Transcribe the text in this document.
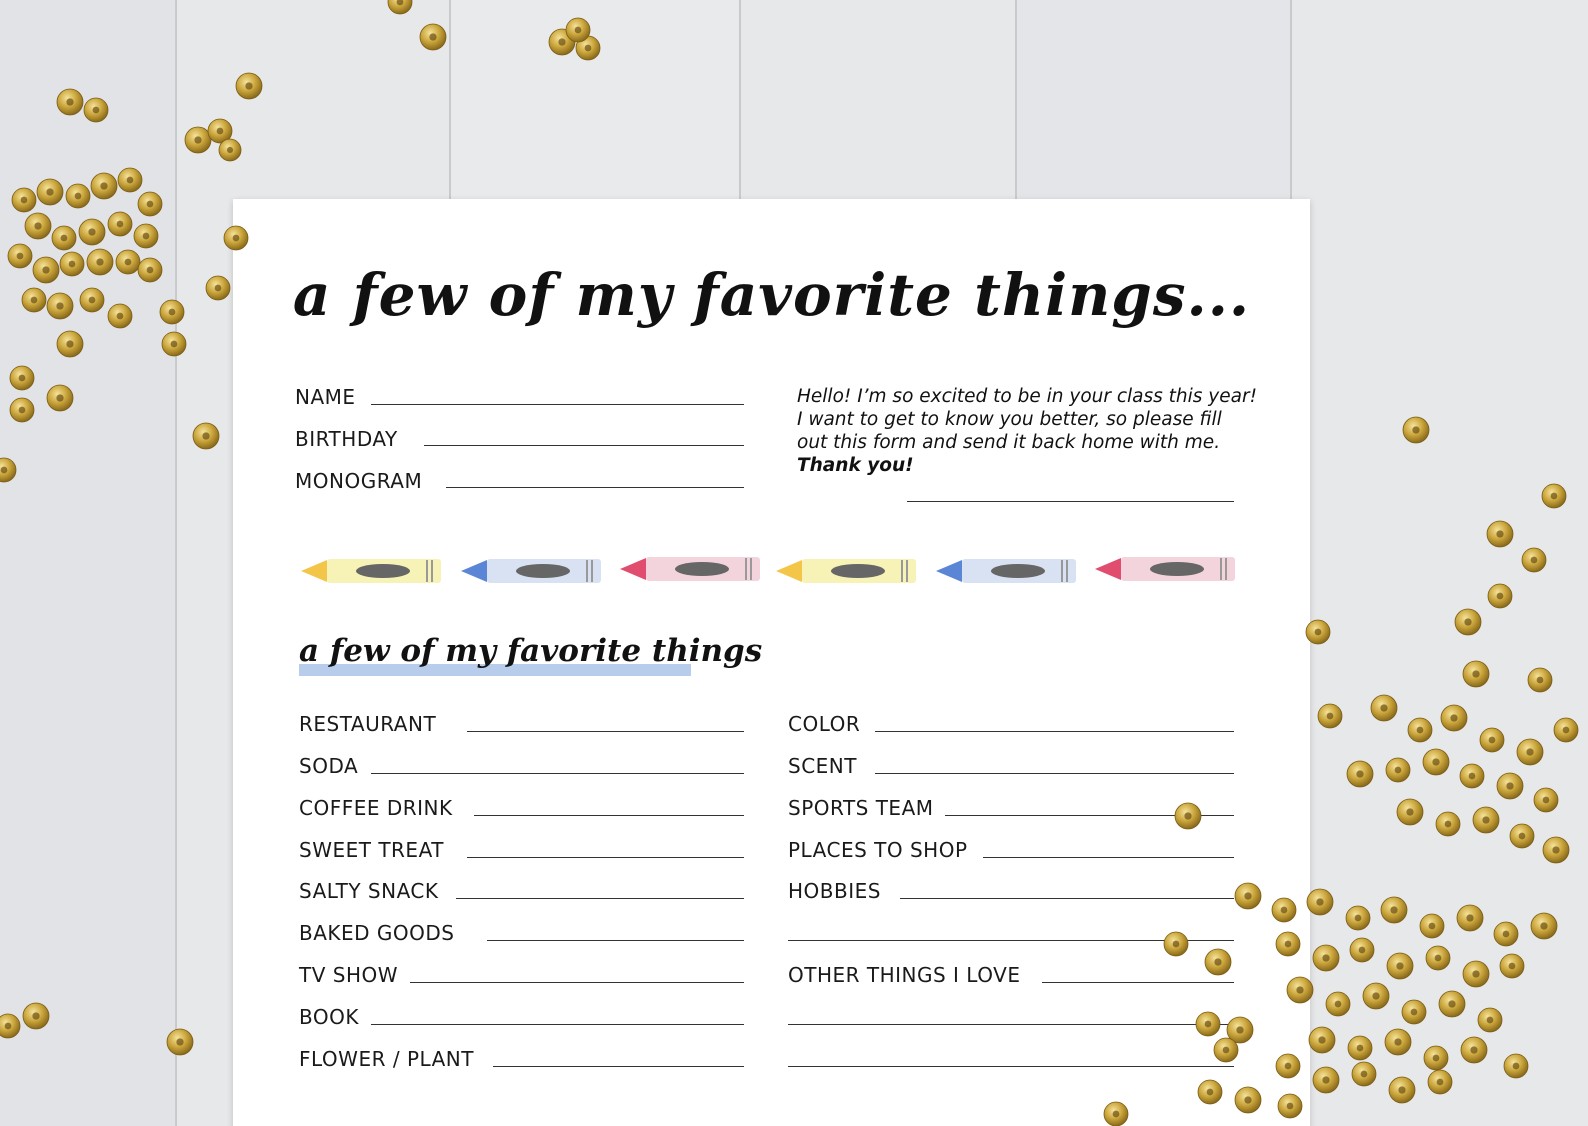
a few of my favorite things...
NAME
BIRTHDAY
MONOGRAM
Hello! I’m so excited to be in your class this year!
I want to get to know you better, so please fill
out this form and send it back home with me.
Thank you!
a few of my favorite things
RESTAURANT
SODA
COFFEE DRINK
SWEET TREAT
SALTY SNACK
BAKED GOODS
TV SHOW
BOOK
FLOWER / PLANT
COLOR
SCENT
SPORTS TEAM
PLACES TO SHOP
HOBBIES
OTHER THINGS I LOVE
